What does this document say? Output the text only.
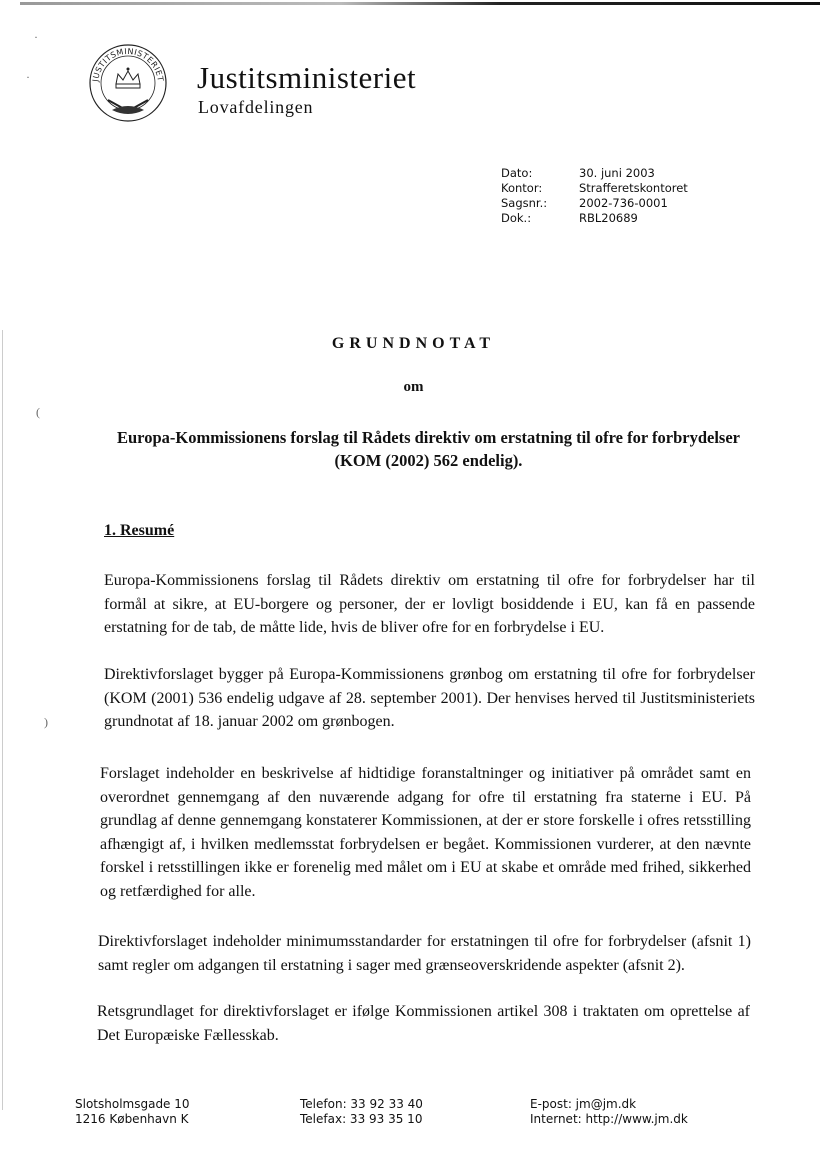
·
·
(
)
JUSTITSMINISTERIET Justitsministeriet
Lovafdelingen
Dato:	30. juni 2003
Kontor:	Strafferetskontoret
Sagsnr.:	2002-736-0001
Dok.:	RBL20689
GRUNDNOTAT
om
Europa-Kommissionens forslag til Rådets direktiv om erstatning til ofre for forbrydelser
(KOM (2002) 562 endelig).
1. Resumé

Europa-Kommissionens forslag til Rådets direktiv om erstatning til ofre for forbrydelser har til formål at sikre, at EU-borgere og personer, der er lovligt bosiddende i EU, kan få en passende erstatning for de tab, de måtte lide, hvis de bliver ofre for en forbrydelse i EU.

Direktivforslaget bygger på Europa-Kommissionens grønbog om erstatning til ofre for forbrydelser (KOM (2001) 536 endelig udgave af 28. september 2001). Der henvises herved til Justitsministeriets grundnotat af 18. januar 2002 om grønbogen.

Forslaget indeholder en beskrivelse af hidtidige foranstaltninger og initiativer på området samt en overordnet gennemgang af den nuværende adgang for ofre til erstatning fra staterne i EU. På grundlag af denne gennemgang konstaterer Kommissionen, at der er store forskelle i ofres retsstilling afhængigt af, i hvilken medlemsstat forbrydelsen er begået. Kommissionen vurderer, at den nævnte forskel i retsstillingen ikke er forenelig med målet om i EU at skabe et område med frihed, sikkerhed og retfærdighed for alle.

Direktivforslaget indeholder minimumsstandarder for erstatningen til ofre for forbrydelser (afsnit 1) samt regler om adgangen til erstatning i sager med grænseoverskridende aspekter (afsnit 2).

Retsgrundlaget for direktivforslaget er ifølge Kommissionen artikel 308 i traktaten om oprettelse af Det Europæiske Fællesskab.

Slotsholmsgade 10
1216 København K
Telefon: 33 92 33 40
Telefax: 33 93 35 10
E-post: jm@jm.dk
Internet: http://www.jm.dk
